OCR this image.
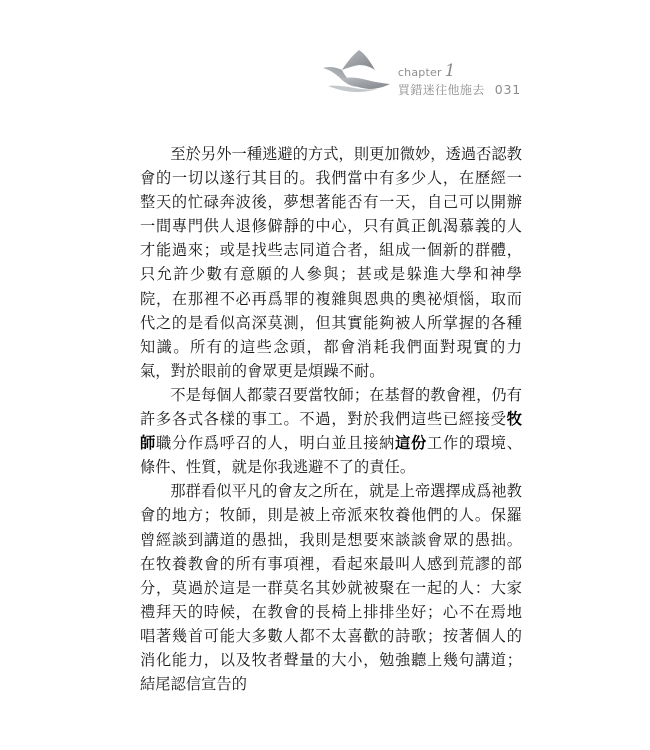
chapter 1
買錯迷往他施去 031

至於另外一種逃避的方式，則更加微妙，透過否認教會的一切以遂行其目的。我們當中有多少人，在歷經一整天的忙碌奔波後，夢想著能否有一天，自己可以開辦一間專門供人退修僻靜的中心，只有眞正飢渴慕義的人才能過來；或是找些志同道合者，組成一個新的群體，只允許少數有意願的人參與；甚或是躲進大學和神學院，在那裡不必再爲罪的複雜與恩典的奧祕煩惱，取而代之的是看似高深莫測，但其實能夠被人所掌握的各種知識。所有的這些念頭，都會消耗我們面對現實的力氣，對於眼前的會眾更是煩躁不耐。

不是每個人都蒙召要當牧師；在基督的教會裡，仍有許多各式各樣的事工。不過，對於我們這些已經接受牧師職分作爲呼召的人，明白並且接納這份工作的環境、條件、性質，就是你我逃避不了的責任。

那群看似平凡的會友之所在，就是上帝選擇成爲祂教會的地方；牧師，則是被上帝派來牧養他們的人。保羅曾經談到講道的愚拙，我則是想要來談談會眾的愚拙。在牧養教會的所有事項裡，看起來最叫人感到荒謬的部分，莫過於這是一群莫名其妙就被聚在一起的人：大家禮拜天的時候，在教會的長椅上排排坐好；心不在焉地唱著幾首可能大多數人都不太喜歡的詩歌；按著個人的消化能力，以及牧者聲量的大小，勉強聽上幾句講道；結尾認信宣告的
